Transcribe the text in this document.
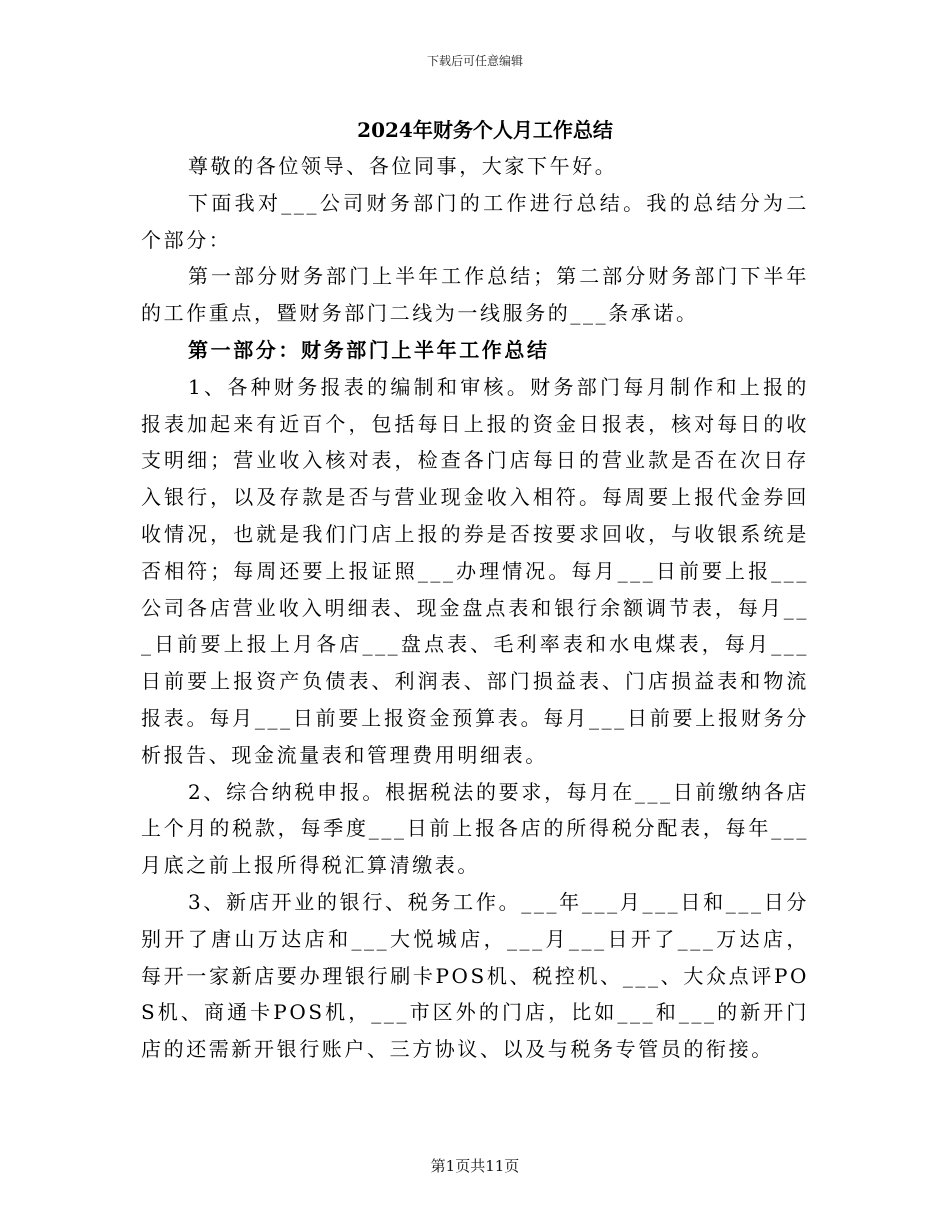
下载后可任意编辑

2024年财务个人月工作总结

尊敬的各位领导、各位同事，大家下午好。

下面我对___公司财务部门的工作进行总结。我的总结分为二个部分：

第一部分财务部门上半年工作总结；第二部分财务部门下半年的工作重点，暨财务部门二线为一线服务的___条承诺。

第一部分：财务部门上半年工作总结

1、各种财务报表的编制和审核。财务部门每月制作和上报的报表加起来有近百个，包括每日上报的资金日报表，核对每日的收支明细；营业收入核对表，检查各门店每日的营业款是否在次日存入银行，以及存款是否与营业现金收入相符。每周要上报代金券回收情况，也就是我们门店上报的券是否按要求回收，与收银系统是否相符；每周还要上报证照___办理情况。每月___日前要上报___公司各店营业收入明细表、现金盘点表和银行余额调节表，每月___日前要上报上月各店___盘点表、毛利率表和水电煤表，每月___日前要上报资产负债表、利润表、部门损益表、门店损益表和物流报表。每月___日前要上报资金预算表。每月___日前要上报财务分析报告、现金流量表和管理费用明细表。

2、综合纳税申报。根据税法的要求，每月在___日前缴纳各店上个月的税款，每季度___日前上报各店的所得税分配表，每年___月底之前上报所得税汇算清缴表。

3、新店开业的银行、税务工作。___年___月___日和___日分别开了唐山万达店和___大悦城店，___月___日开了___万达店，每开一家新店要办理银行刷卡POS机、税控机、___、大众点评POS机、商通卡POS机，___市区外的门店，比如___和___的新开门店的还需新开银行账户、三方协议、以及与税务专管员的衔接。

第1页共11页
